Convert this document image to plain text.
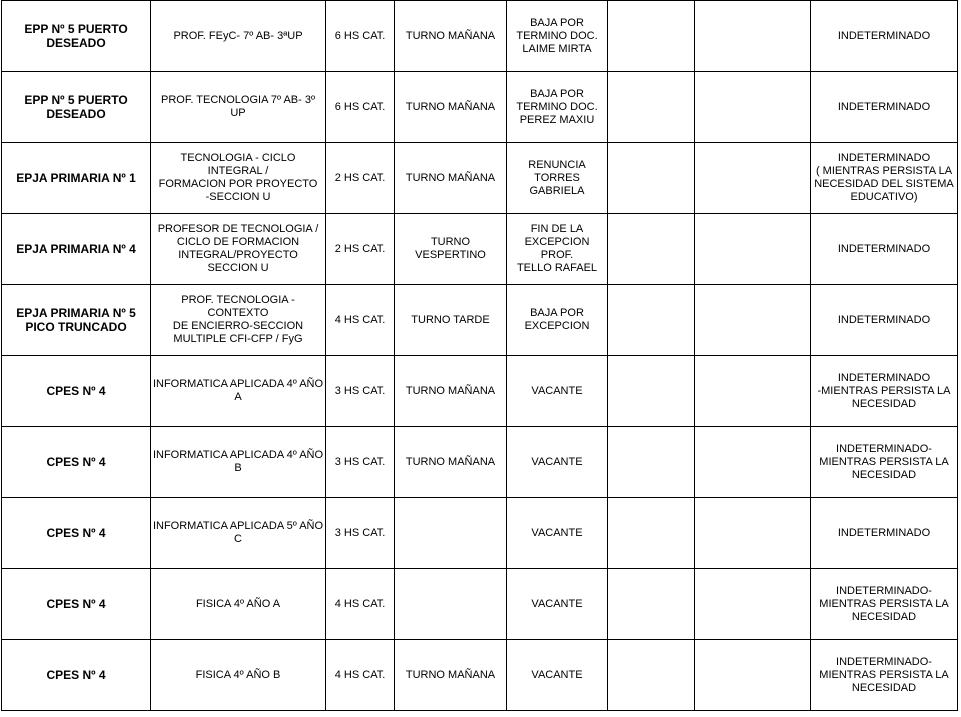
EPP Nº 5 PUERTO
DESEADO	PROF. FEyC- 7º AB- 3ªUP	6 HS CAT.	TURNO MAÑANA	BAJA POR
TERMINO DOC.
LAIME MIRTA			INDETERMINADO
EPP Nº 5 PUERTO
DESEADO	PROF. TECNOLOGIA 7º AB- 3º UP	6 HS CAT.	TURNO MAÑANA	BAJA POR
TERMINO DOC.
PEREZ MAXIU			INDETERMINADO
EPJA PRIMARIA Nº 1	TECNOLOGIA - CICLO INTEGRAL /
FORMACION POR PROYECTO
-SECCION U	2 HS CAT.	TURNO MAÑANA	RENUNCIA
TORRES GABRIELA			INDETERMINADO
( MIENTRAS PERSISTA LA
NECESIDAD DEL SISTEMA
EDUCATIVO)
EPJA PRIMARIA Nº 4	PROFESOR DE TECNOLOGIA /
CICLO DE FORMACION
INTEGRAL/PROYECTO SECCION U	2 HS CAT.	TURNO VESPERTINO	FIN DE LA
EXCEPCION PROF.
TELLO RAFAEL			INDETERMINADO
EPJA PRIMARIA Nº 5
PICO TRUNCADO	PROF. TECNOLOGIA -CONTEXTO
DE ENCIERRO-SECCION
MULTIPLE CFI-CFP / FyG	4 HS CAT.	TURNO TARDE	BAJA POR
EXCEPCION			INDETERMINADO
CPES Nº 4	INFORMATICA APLICADA 4º AÑO A	3 HS CAT.	TURNO MAÑANA	VACANTE			INDETERMINADO
-MIENTRAS PERSISTA LA
NECESIDAD
CPES Nº 4	INFORMATICA APLICADA 4º AÑO B	3 HS CAT.	TURNO MAÑANA	VACANTE			INDETERMINADO-
MIENTRAS PERSISTA LA
NECESIDAD
CPES Nº 4	INFORMATICA APLICADA 5º AÑO C	3 HS CAT.		VACANTE			INDETERMINADO
CPES Nº 4	FISICA 4º AÑO A	4 HS CAT.		VACANTE			INDETERMINADO-
MIENTRAS PERSISTA LA
NECESIDAD
CPES Nº 4	FISICA 4º AÑO B	4 HS CAT.	TURNO MAÑANA	VACANTE			INDETERMINADO-
MIENTRAS PERSISTA LA
NECESIDAD
